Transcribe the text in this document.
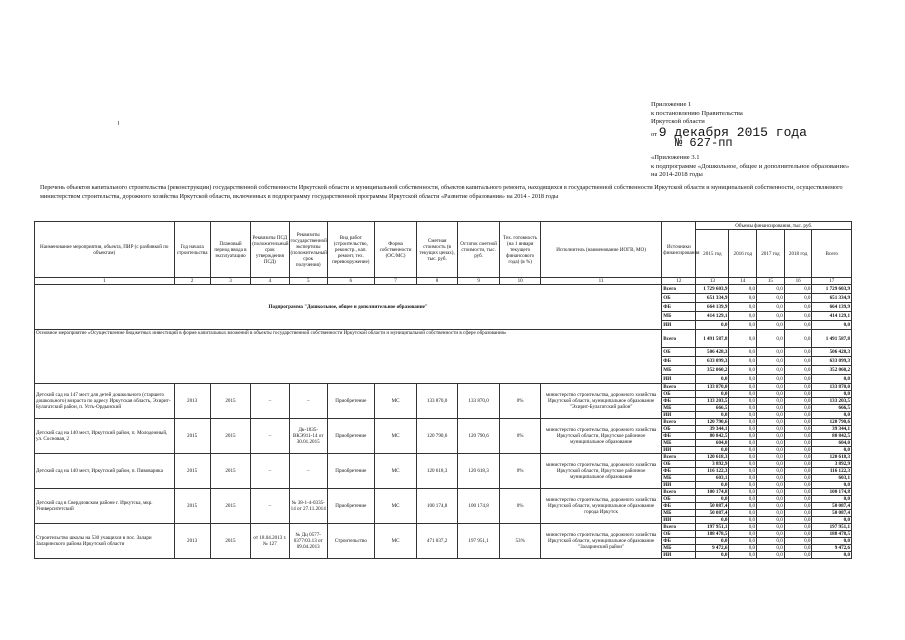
Приложение 1
к постановлению Правительства
Иркутской области
от 9 декабря 2015 года
№ 627-пп
«Приложение 3.1
к подпрограмме «Дошкольное, общее и дополнительное образование»
на 2014-2018 годы
Перечень объектов капитального строительства (реконструкции) государственной собственности Иркутской области и муниципальной собственности, объектов капитального ремонта, находящихся в государственной собственности Иркутской области и муниципальной собственности, осуществляемого министерством строительства, дорожного хозяйства Иркутской области, включенных в подпрограмму государственной программы Иркутской области «Развитие образования» на 2014 - 2018 годы
Наименование мероприятия, объекта, ПИР (с разбивкой по объектам)	Год начала строительства	Плановый период ввода в эксплуатацию	Реквизиты ПСД (положительный срок утверждения ПСД)	Реквизиты государственной экспертизы (положительный срок получения)	Вид работ (строительство, реконстр., кап. ремонт, тех. перевооружение)	Форма собственности (ОС/МС)	Сметная стоимость (в текущих ценах), тыс. руб.	Остаток сметной стоимости, тыс. руб.	Тех. готовность (на 1 января текущего финансового года) (в %)	Исполнитель (наименование ИОГВ, МО)	Источники финансирования	Объемы финансирования, тыс. руб.				
												2015 год	2016 год	2017 год	2018 год	Всего
1	2	3	4	5	6	7	8	9	10	11	12	13	14	15	16	17
Подпрограмма "Дошкольное, общее и дополнительное образование"											Всего	1 729 603,9	0,0	0,0	0,0	1 729 603,9
											ОБ	651 334,9	0,0	0,0	0,0	651 334,9
											ФБ	664 139,9	0,0	0,0	0,0	664 139,9
											МБ	414 129,1	0,0	0,0	0,0	414 129,1
											ИИ	0,0	0,0	0,0	0,0	0,0
Основное мероприятие «Осуществление бюджетных инвестиций в форме капитальных вложений в объекты государственной собственности Иркутской области и муниципальной собственности в сфере образования»											Всего	1 491 587,8	0,0	0,0	0,0	1 491 587,8
											ОБ	506 428,3	0,0	0,0	0,0	506 428,3
											ФБ	633 099,3	0,0	0,0	0,0	633 099,3
											МБ	352 060,2	0,0	0,0	0,0	352 060,2
											ИИ	0,0	0,0	0,0	0,0	0,0
Детский сад на 147 мест для детей дошкольного (старшего дошкольного) возраста по адресу Иркутская область, Эхирит-Булагатский район, п. Усть-Ордынский	2013	2015	–	–	Приобретение	МС	133 870,0	133 870,0	0%	министерство строительства, дорожного хозяйства Иркутской области, муниципальное образование "Эхирит-Булагатский район"	Всего	133 870,0	0,0	0,0	0,0	133 870,0
											ОБ	0,0	0,0	0,0	0,0	0,0
											ФБ	133 203,5	0,0	0,0	0,0	133 203,5
											МБ	666,5	0,0	0,0	0,0	666,5
											ИИ	0,0	0,0	0,0	0,0	0,0
Детский сад на 140 мест, Иркутский район, п. Молодежный, ул. Сосновая, 2	2015	2015	–	Дк-1835-ВКЭ911-14 от 30.01.2015	Приобретение	МС	120 790,6	120 790,6	0%	министерство строительства, дорожного хозяйства Иркутской области, Иркутское районное муниципальное образование	Всего	120 790,6	0,0	0,0	0,0	120 790,6
											ОБ	39 344,1	0,0	0,0	0,0	39 344,1
											ФБ	80 842,5	0,0	0,0	0,0	80 842,5
											МБ	604,0	0,0	0,0	0,0	604,0
											ИИ	0,0	0,0	0,0	0,0	0,0
Детский сад на 140 мест, Иркутский район, п. Пивоварика	2015	2015	–	–	Приобретение	МС	120 618,3	120 618,3	0%	министерство строительства, дорожного хозяйства Иркутской области, Иркутское районное муниципальное образование	Всего	120 618,3	0,0	0,0	0,0	120 618,3
											ОБ	3 892,9	0,0	0,0	0,0	3 892,9
											ФБ	116 122,3	0,0	0,0	0,0	116 122,3
											МБ	603,1	0,0	0,0	0,0	603,1
											ИИ	0,0	0,0	0,0	0,0	0,0
Детский сад в Свердловском районе г. Иркутска, мкр. Университетский	2015	2015	–	№ 38-1-4-0335-14 от 27.11.2014	Приобретение	МС	100 174,8	100 174,8	0%	министерство строительства, дорожного хозяйства Иркутской области, муниципальное образование города Иркутск	Всего	100 174,8	0,0	0,0	0,0	100 174,8
											ОБ	0,0	0,0	0,0	0,0	0,0
											ФБ	50 087,4	0,0	0,0	0,0	50 087,4
											МБ	50 087,4	0,0	0,0	0,0	50 087,4
											ИИ	0,0	0,0	0,0	0,0	0,0
Строительство школы на 530 учащихся в пос. Залари Заларинского района Иркутской области	2013	2015	от 18.04.2013 г. № 127	№ Дц 0577-0377/03.13 от 09.04.2013	Строительство	МС	471 037,2	197 951,1	53%	министерство строительства, дорожного хозяйства Иркутской области, муниципальное образование "Заларинский район"	Всего	197 951,1	0,0	0,0	0,0	197 951,1
											ОБ	188 478,5	0,0	0,0	0,0	188 478,5
											ФБ	0,0	0,0	0,0	0,0	0,0
											МБ	9 472,6	0,0	0,0	0,0	9 472,6
											ИИ	0,0	0,0	0,0	0,0	0,0
